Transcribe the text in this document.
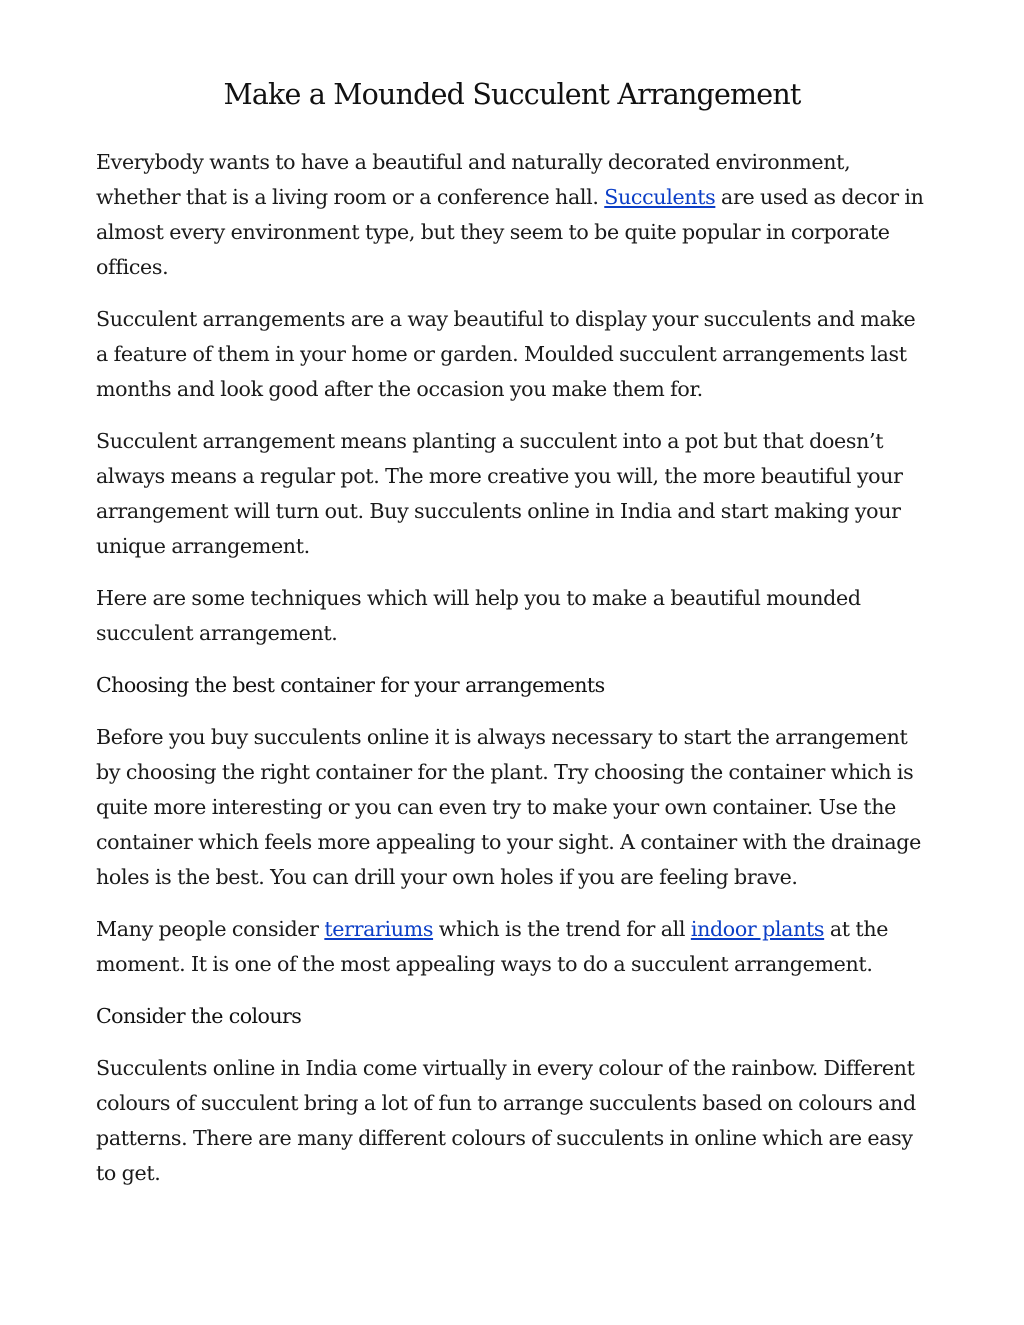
Make a Mounded Succulent Arrangement

Everybody wants to have a beautiful and naturally decorated environment, whether that is a living room or a conference hall. Succulents are used as decor in almost every environment type, but they seem to be quite popular in corporate offices.

Succulent arrangements are a way beautiful to display your succulents and make a feature of them in your home or garden. Moulded succulent arrangements last months and look good after the occasion you make them for.

Succulent arrangement means planting a succulent into a pot but that doesn’t always means a regular pot. The more creative you will, the more beautiful your arrangement will turn out. Buy succulents online in India and start making your unique arrangement.

Here are some techniques which will help you to make a beautiful mounded succulent arrangement.

Choosing the best container for your arrangements

Before you buy succulents online it is always necessary to start the arrangement by choosing the right container for the plant. Try choosing the container which is quite more interesting or you can even try to make your own container. Use the container which feels more appealing to your sight. A container with the drainage holes is the best. You can drill your own holes if you are feeling brave.

Many people consider terrariums which is the trend for all indoor plants at the moment. It is one of the most appealing ways to do a succulent arrangement.

Consider the colours

Succulents online in India come virtually in every colour of the rainbow. Different colours of succulent bring a lot of fun to arrange succulents based on colours and patterns. There are many different colours of succulents in online which are easy to get.
